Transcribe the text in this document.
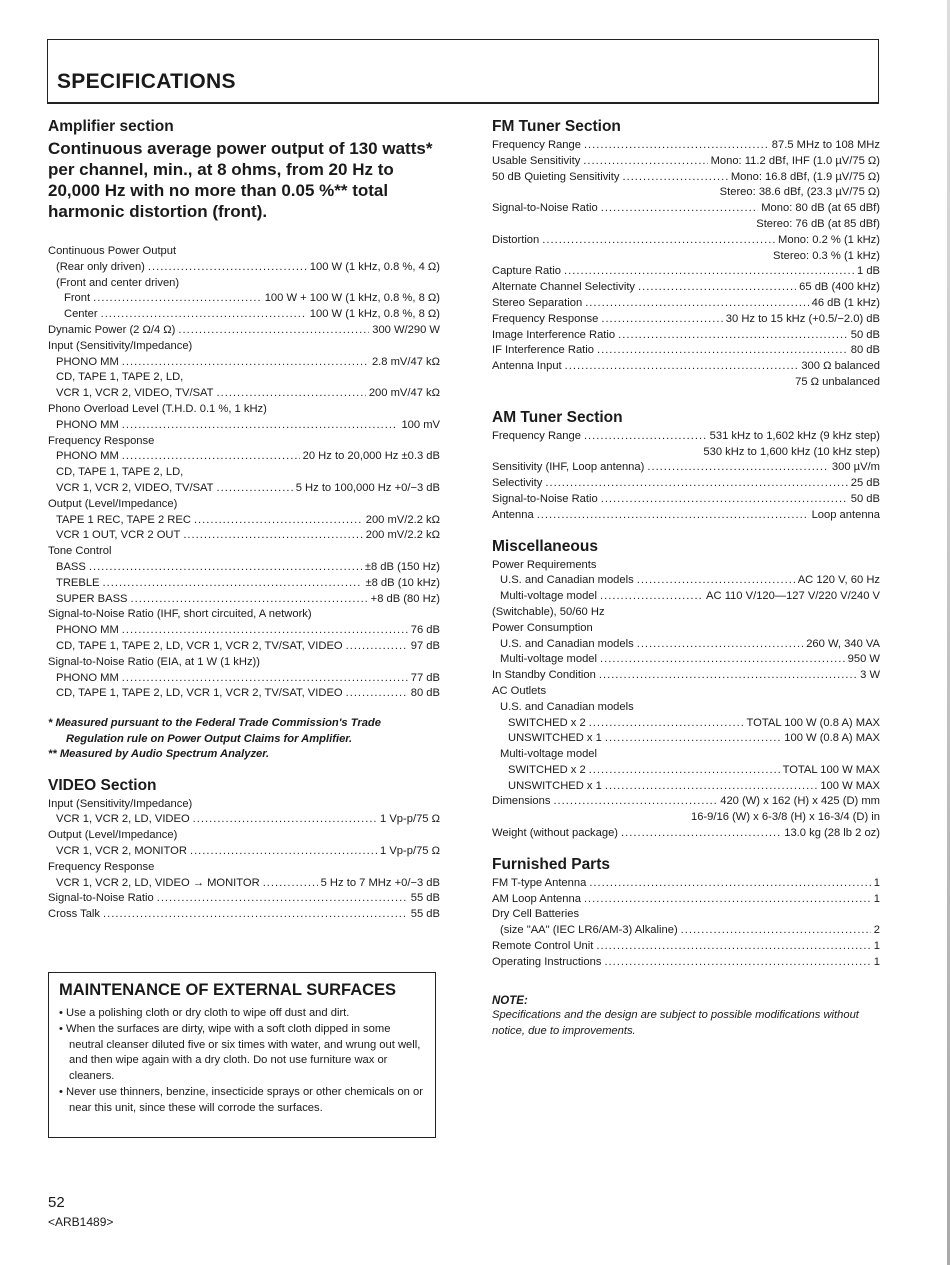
SPECIFICATIONS
Amplifier section
Continuous average power output of 130 watts* per channel, min., at 8 ohms, from 20 Hz to 20,000 Hz with no more than 0.05 %** total harmonic distortion (front).
Continuous Power Output
(Rear only driven) .....	100 W (1 kHz, 0.8 %, 4 Ω)
(Front and center driven)
Front .....	100 W + 100 W (1 kHz, 0.8 %, 8 Ω)
Center .....	100 W (1 kHz, 0.8 %, 8 Ω)
Dynamic Power (2 Ω/4 Ω) .....	300 W/290 W
Input (Sensitivity/Impedance)
PHONO MM .....	2.8 mV/47 kΩ
CD, TAPE 1, TAPE 2, LD,
VCR 1, VCR 2, VIDEO, TV/SAT .....	200 mV/47 kΩ
Phono Overload Level (T.H.D. 0.1 %, 1 kHz)
PHONO MM .....	100 mV
Frequency Response
PHONO MM .....	20 Hz to 20,000 Hz ±0.3 dB
CD, TAPE 1, TAPE 2, LD,
VCR 1, VCR 2, VIDEO, TV/SAT .....	5 Hz to 100,000 Hz +0/−3 dB
Output (Level/Impedance)
TAPE 1 REC, TAPE 2 REC .....	200 mV/2.2 kΩ
VCR 1 OUT, VCR 2 OUT .....	200 mV/2.2 kΩ
Tone Control
BASS .....	±8 dB (150 Hz)
TREBLE .....	±8 dB (10 kHz)
SUPER BASS .....	+8 dB (80 Hz)
Signal-to-Noise Ratio (IHF, short circuited, A network)
PHONO MM .....	76 dB
CD, TAPE 1, TAPE 2, LD, VCR 1, VCR 2, TV/SAT, VIDEO .....	97 dB
Signal-to-Noise Ratio (EIA, at 1 W (1 kHz))
PHONO MM .....	77 dB
CD, TAPE 1, TAPE 2, LD, VCR 1, VCR 2, TV/SAT, VIDEO .....	80 dB
* Measured pursuant to the Federal Trade Commission's Trade
Regulation rule on Power Output Claims for Amplifier.
** Measured by Audio Spectrum Analyzer.
VIDEO Section
Input (Sensitivity/Impedance)
VCR 1, VCR 2, LD, VIDEO .....	1 Vp-p/75 Ω
Output (Level/Impedance)
VCR 1, VCR 2, MONITOR .....	1 Vp-p/75 Ω
Frequency Response
VCR 1, VCR 2, LD, VIDEO → MONITOR .....	5 Hz to 7 MHz +0/−3 dB
Signal-to-Noise Ratio .....	55 dB
Cross Talk .....	55 dB
MAINTENANCE OF EXTERNAL SURFACES
• Use a polishing cloth or dry cloth to wipe off dust and dirt.
• When the surfaces are dirty, wipe with a soft cloth dipped in some neutral cleanser diluted five or six times with water, and wrung out well, and then wipe again with a dry cloth. Do not use furniture wax or cleaners.
• Never use thinners, benzine, insecticide sprays or other chemicals on or near this unit, since these will corrode the surfaces.
FM Tuner Section
Frequency Range .....	87.5 MHz to 108 MHz
Usable Sensitivity .....	Mono: 11.2 dBf, IHF (1.0 µV/75 Ω)
50 dB Quieting Sensitivity .....	Mono: 16.8 dBf, (1.9 µV/75 Ω)
Stereo: 38.6 dBf, (23.3 µV/75 Ω)
Signal-to-Noise Ratio .....	Mono: 80 dB (at 65 dBf)
Stereo: 76 dB (at 85 dBf)
Distortion .....	Mono: 0.2 % (1 kHz)
Stereo: 0.3 % (1 kHz)
Capture Ratio .....	1 dB
Alternate Channel Selectivity .....	65 dB (400 kHz)
Stereo Separation .....	46 dB (1 kHz)
Frequency Response .....	30 Hz to 15 kHz (+0.5/−2.0) dB
Image Interference Ratio .....	50 dB
IF Interference Ratio .....	80 dB
Antenna Input .....	300 Ω balanced
75 Ω unbalanced
AM Tuner Section
Frequency Range .....	531 kHz to 1,602 kHz (9 kHz step)
530 kHz to 1,600 kHz (10 kHz step)
Sensitivity (IHF, Loop antenna) .....	300 µV/m
Selectivity .....	25 dB
Signal-to-Noise Ratio .....	50 dB
Antenna .....	Loop antenna
Miscellaneous
Power Requirements
U.S. and Canadian models .....	AC 120 V, 60 Hz
Multi-voltage model .....	AC 110 V/120—127 V/220 V/240 V
(Switchable), 50/60 Hz
Power Consumption
U.S. and Canadian models .....	260 W, 340 VA
Multi-voltage model .....	950 W
In Standby Condition .....	3 W
AC Outlets
U.S. and Canadian models
SWITCHED x 2 .....	TOTAL 100 W (0.8 A) MAX
UNSWITCHED x 1 .....	100 W (0.8 A) MAX
Multi-voltage model
SWITCHED x 2 .....	TOTAL 100 W MAX
UNSWITCHED x 1 .....	100 W MAX
Dimensions .....	420 (W) x 162 (H) x 425 (D) mm
16-9/16 (W) x 6-3/8 (H) x 16-3/4 (D) in
Weight (without package) .....	13.0 kg (28 lb 2 oz)
Furnished Parts
FM T-type Antenna .....	1
AM Loop Antenna .....	1
Dry Cell Batteries
(size "AA" (IEC LR6/AM-3) Alkaline) .....	2
Remote Control Unit .....	1
Operating Instructions .....	1
NOTE:
Specifications and the design are subject to possible modifications without notice, due to improvements.
52
<ARB1489>
